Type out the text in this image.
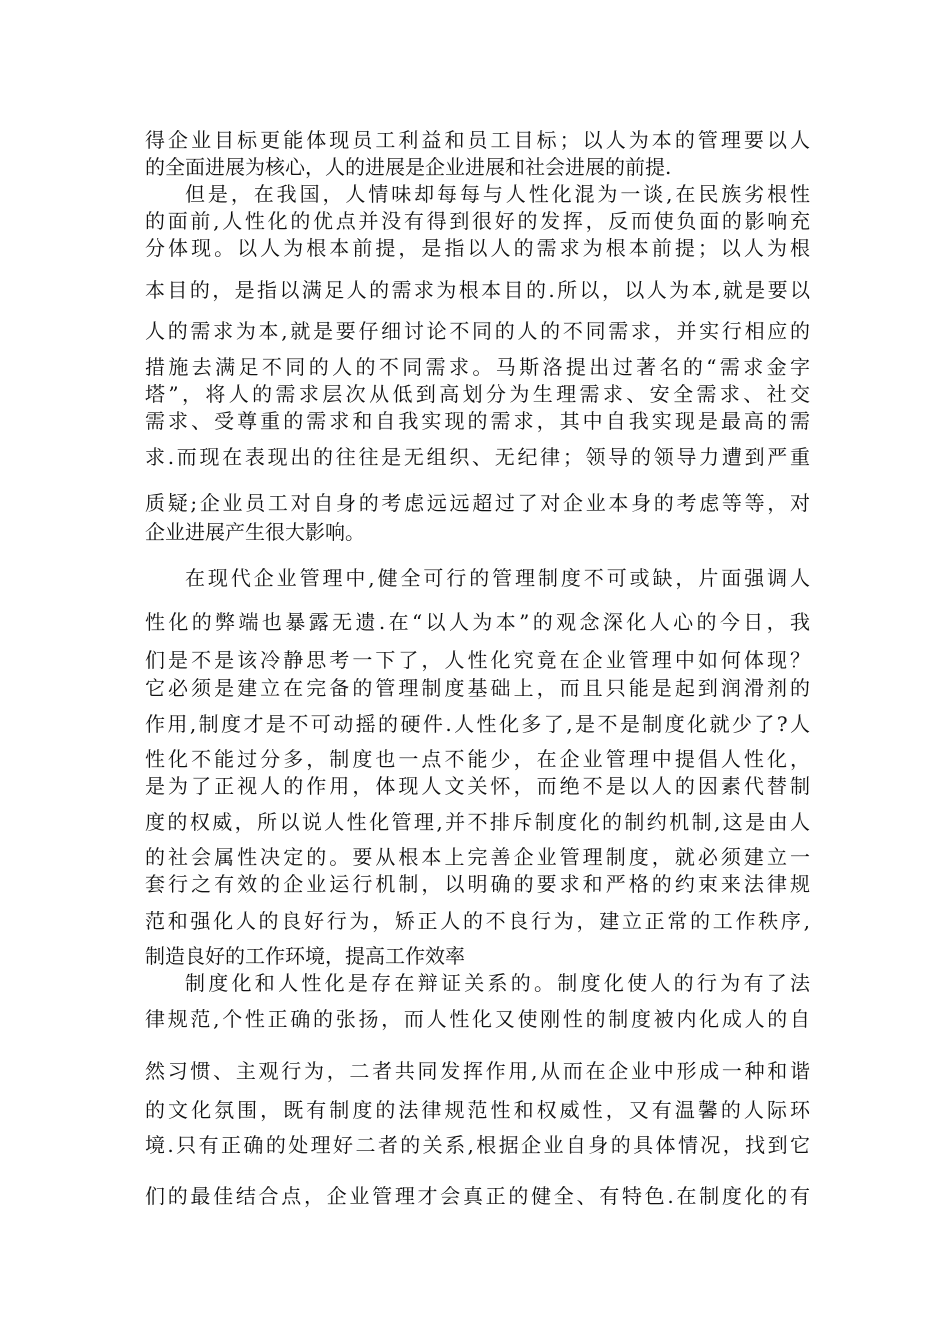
得企业目标更能体现员工利益和员工目标；以人为本的管理要以人
的全面进展为核心，人的进展是企业进展和社会进展的前提.
但是，在我国，人情味却每每与人性化混为一谈,在民族劣根性
的面前,人性化的优点并没有得到很好的发挥，反而使负面的影响充
分体现。以人为根本前提，是指以人的需求为根本前提；以人为根
本目的，是指以满足人的需求为根本目的.所以，以人为本,就是要以
人的需求为本,就是要仔细讨论不同的人的不同需求，并实行相应的
措施去满足不同的人的不同需求。马斯洛提出过著名的“需求金字
塔”，将人的需求层次从低到高划分为生理需求、安全需求、社交
需求、受尊重的需求和自我实现的需求，其中自我实现是最高的需
求.而现在表现出的往往是无组织、无纪律；领导的领导力遭到严重
质疑;企业员工对自身的考虑远远超过了对企业本身的考虑等等，对
企业进展产生很大影响。
在现代企业管理中,健全可行的管理制度不可或缺，片面强调人
性化的弊端也暴露无遗.在“以人为本”的观念深化人心的今日，我
们是不是该冷静思考一下了，人性化究竟在企业管理中如何体现？
它必须是建立在完备的管理制度基础上，而且只能是起到润滑剂的
作用,制度才是不可动摇的硬件.人性化多了,是不是制度化就少了?人
性化不能过分多，制度也一点不能少，在企业管理中提倡人性化，
是为了正视人的作用，体现人文关怀，而绝不是以人的因素代替制
度的权威，所以说人性化管理,并不排斥制度化的制约机制,这是由人
的社会属性决定的。要从根本上完善企业管理制度，就必须建立一
套行之有效的企业运行机制，以明确的要求和严格的约束来法律规
范和强化人的良好行为，矫正人的不良行为，建立正常的工作秩序,
制造良好的工作环境，提高工作效率
制度化和人性化是存在辩证关系的。制度化使人的行为有了法
律规范,个性正确的张扬，而人性化又使刚性的制度被内化成人的自
然习惯、主观行为，二者共同发挥作用,从而在企业中形成一种和谐
的文化氛围，既有制度的法律规范性和权威性，又有温馨的人际环
境.只有正确的处理好二者的关系,根据企业自身的具体情况，找到它
们的最佳结合点，企业管理才会真正的健全、有特色.在制度化的有
